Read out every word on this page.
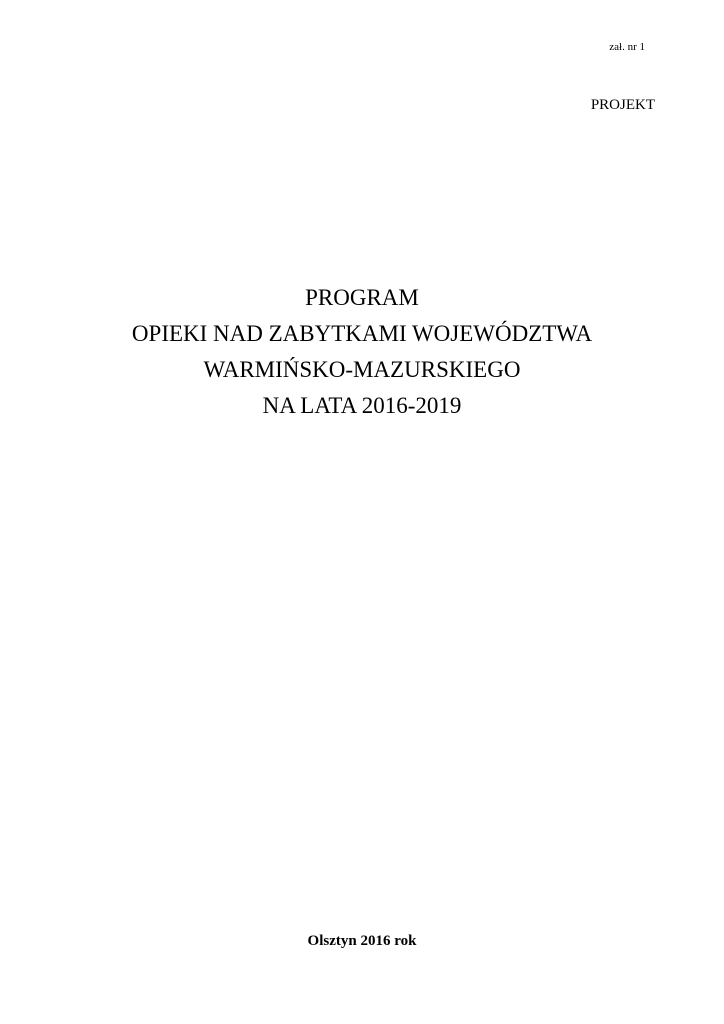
zał. nr 1
PROJEKT
PROGRAM
OPIEKI NAD ZABYTKAMI WOJEWÓDZTWA
WARMIŃSKO-MAZURSKIEGO
NA LATA 2016-2019
Olsztyn 2016 rok
